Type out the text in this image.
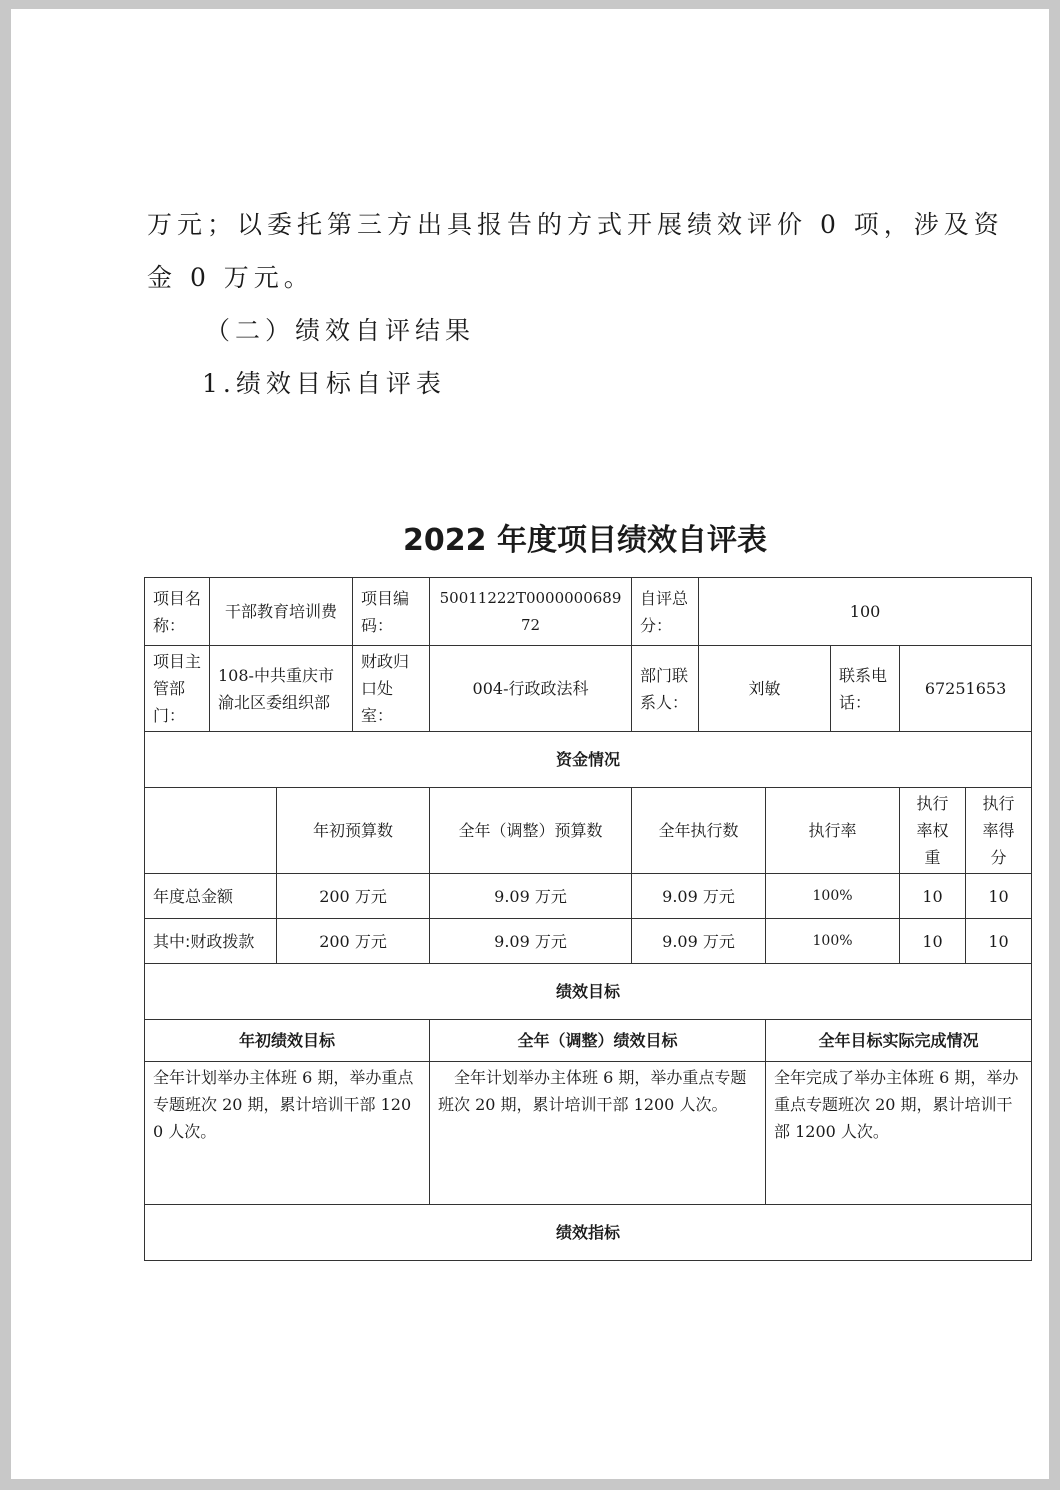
万元；以委托第三方出具报告的方式开展绩效评价 0 项，涉及资
金 0 万元。
（二）绩效自评结果
1.绩效目标自评表
2022 年度项目绩效自评表
项目名称：	干部教育培训费		项目编码：	50011222T000000068972	自评总分：	100				
项目主管部门：	108-中共重庆市渝北区委组织部		财政归口处室：	004-行政政法科	部门联系人：	刘敏		联系电话：	67251653	
资金情况										
		年初预算数		全年（调整）预算数	全年执行数		执行率		执行率权重	执行率得分
年度总金额		200 万元		9.09 万元	9.09 万元		100%		10	10
其中:财政拨款		200 万元		9.09 万元	9.09 万元		100%		10	10
绩效目标										
年初绩效目标				全年（调整）绩效目标			全年目标实际完成情况			
全年计划举办主体班 6 期，举办重点专题班次 20 期，累计培训干部 1200 人次。				全年计划举办主体班 6 期，举办重点专题班次 20 期，累计培训干部 1200 人次。			全年完成了举办主体班 6 期，举办重点专题班次 20 期，累计培训干部 1200 人次。			
绩效指标										
